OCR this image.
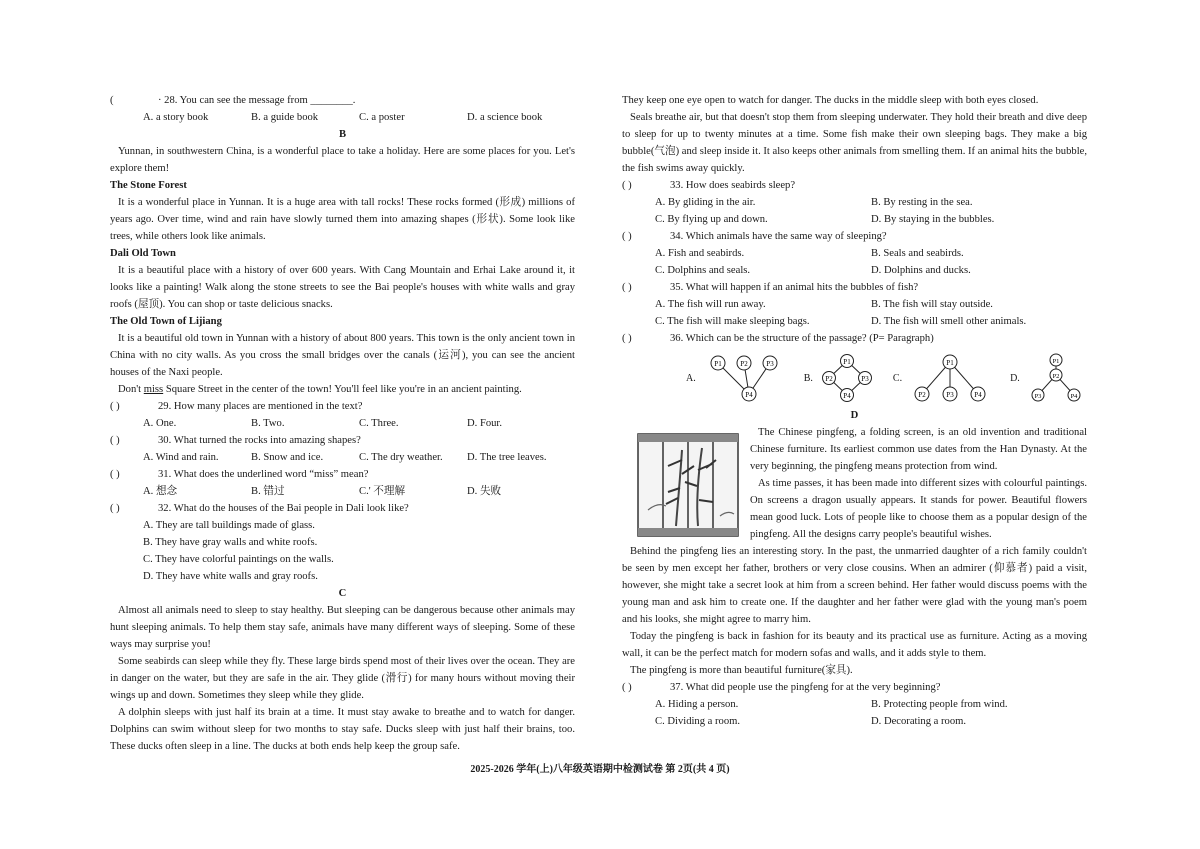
(	· 28. You can see the message from ________.
A. a story book	B. a guide book	C. a poster	D. a science book

B

Yunnan, in southwestern China, is a wonderful place to take a holiday. Here are some places for you. Let's explore them!

The Stone Forest

It is a wonderful place in Yunnan. It is a huge area with tall rocks! These rocks formed (形成) millions of years ago. Over time, wind and rain have slowly turned them into amazing shapes (形状). Some look like trees, while others look like animals.

Dali Old Town

It is a beautiful place with a history of over 600 years. With Cang Mountain and Erhai Lake around it, it looks like a painting! Walk along the stone streets to see the Bai people's houses with white walls and gray roofs (屋顶). You can shop or taste delicious snacks.

The Old Town of Lijiang

It is a beautiful old town in Yunnan with a history of about 800 years. This town is the only ancient town in China with no city walls. As you cross the small bridges over the canals (运河), you can see the ancient houses of the Naxi people.

Don't miss Square Street in the center of the town! You'll feel like you're in an ancient painting.

( )	29. How many places are mentioned in the text?
A. One.	B. Two.	C. Three.	D. Four.
( )	30. What turned the rocks into amazing shapes?
A. Wind and rain.	B. Snow and ice.	C. The dry weather.	D. The tree leaves.
( )	31. What does the underlined word “miss” mean?
A. 想念	B. 错过	C.' 不理解	D. 失败
( )	32. What do the houses of the Bai people in Dali look like?
A. They are tall buildings made of glass.
B. They have gray walls and white roofs.
C. They have colorful paintings on the walls.
D. They have white walls and gray roofs.

C

Almost all animals need to sleep to stay healthy. But sleeping can be dangerous because other animals may hunt sleeping animals. To help them stay safe, animals have many different ways of sleeping. Some of these ways may surprise you!

Some seabirds can sleep while they fly. These large birds spend most of their lives over the ocean. They are in danger on the water, but they are safe in the air. They glide (滑行) for many hours without moving their wings up and down. Sometimes they sleep while they glide.

A dolphin sleeps with just half its brain at a time. It must stay awake to breathe and to watch for danger. Dolphins can swim without sleep for two months to stay safe. Ducks sleep with just half their brains, too. These ducks often sleep in a line. The ducks at both ends help keep the group safe.

They keep one eye open to watch for danger. The ducks in the middle sleep with both eyes closed.

Seals breathe air, but that doesn't stop them from sleeping underwater. They hold their breath and dive deep to sleep for up to twenty minutes at a time. Some fish make their own sleeping bags. They make a big bubble(气泡) and sleep inside it. It also keeps other animals from smelling them. If an animal hits the bubble, the fish swims away quickly.

( )	33. How does seabirds sleep?
A. By gliding in the air.	B. By resting in the sea.
C. By flying up and down.	D. By staying in the bubbles.
( )	34. Which animals have the same way of sleeping?
A. Fish and seabirds.	B. Seals and seabirds.
C. Dolphins and seals.	D. Dolphins and ducks.
( )	35. What will happen if an animal hits the bubbles of fish?
A. The fish will run away.	B. The fish will stay outside.
C. The fish will make sleeping bags.	D. The fish will smell other animals.
( )	36. Which can be the structure of the passage? (P= Paragraph)
A.
P1	P2	P3
P4
B.
P1
P2	P3
P4
C.
P1
P2	P3	P4
D.
P1
P2
P3	P4

D

The Chinese pingfeng, a folding screen, is an old invention and traditional Chinese furniture. Its earliest common use dates from the Han Dynasty. At the very beginning, the pingfeng means protection from wind.

As time passes, it has been made into different sizes with colourful paintings. On screens a dragon usually appears. It stands for power. Beautiful flowers mean good luck. Lots of people like to choose them as a popular design of the pingfeng. All the designs carry people's beautiful wishes.

Behind the pingfeng lies an interesting story. In the past, the unmarried daughter of a rich family couldn't be seen by men except her father, brothers or very close cousins. When an admirer (仰慕者) paid a visit, however, she might take a secret look at him from a screen behind. Her father would discuss poems with the young man and ask him to create one. If the daughter and her father were glad with the young man's poem and his looks, she might agree to marry him.

Today the pingfeng is back in fashion for its beauty and its practical use as furniture. Acting as a moving wall, it can be the perfect match for modern sofas and walls, and it adds style to them.

The pingfeng is more than beautiful furniture(家具).

( )	37. What did people use the pingfeng for at the very beginning?
A. Hiding a person.	B. Protecting people from wind.
C. Dividing a room.	D. Decorating a room.
2025-2026 学年(上)八年级英语期中检测试卷 第 2页(共 4 页)
